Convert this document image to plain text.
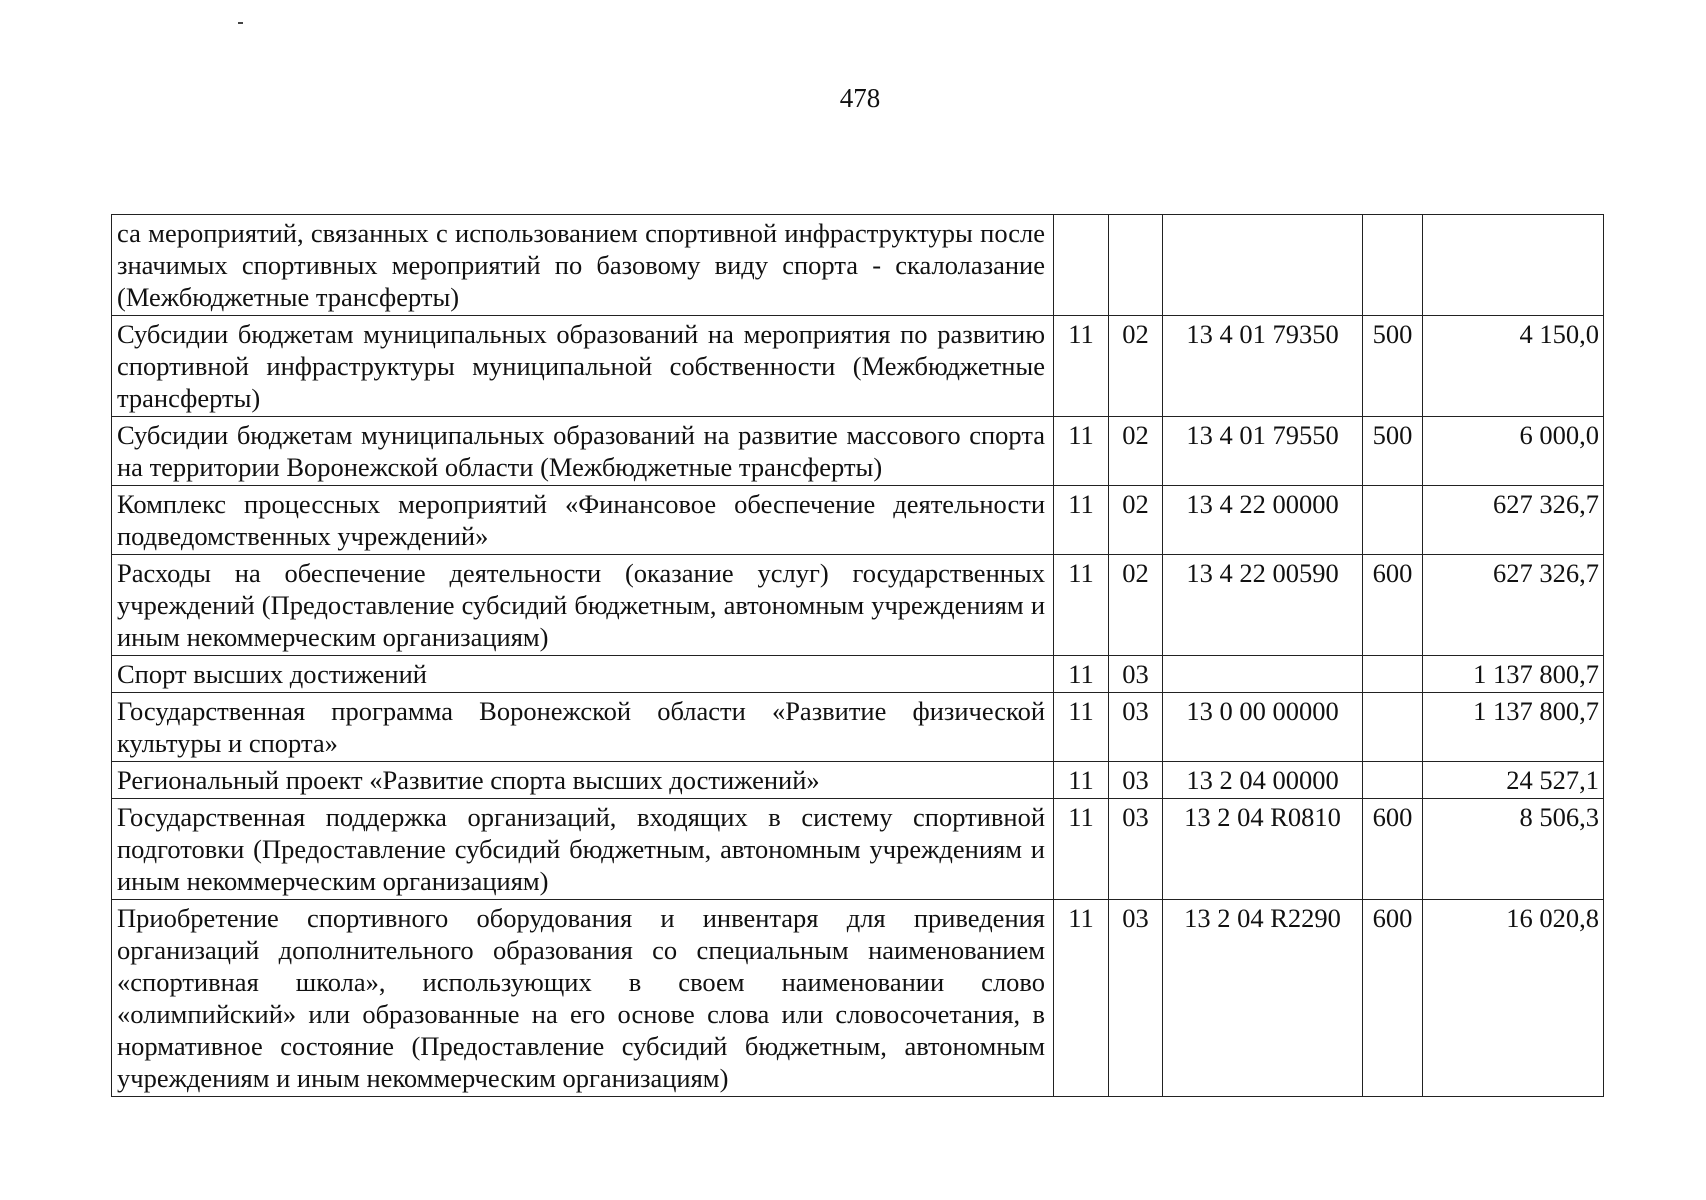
478
са мероприятий, связанных с использованием спортивной инфраструктуры после значимых спортивных мероприятий по базовому виду спорта - скалолазание (Межбюджетные трансферты)					
Субсидии бюджетам муниципальных образований на мероприятия по развитию спортивной инфраструктуры муниципальной собственности (Межбюджетные трансферты)	11	02	13 4 01 79350	500	4 150,0
Субсидии бюджетам муниципальных образований на развитие массового спорта на территории Воронежской области (Межбюджетные трансферты)	11	02	13 4 01 79550	500	6 000,0
Комплекс процессных мероприятий «Финансовое обеспечение деятельности подведомственных учреждений»	11	02	13 4 22 00000		627 326,7
Расходы на обеспечение деятельности (оказание услуг) государственных учреждений (Предоставление субсидий бюджетным, автономным учреждениям и иным некоммерческим организациям)	11	02	13 4 22 00590	600	627 326,7
Спорт высших достижений	11	03			1 137 800,7
Государственная программа Воронежской области «Развитие физической культуры и спорта»	11	03	13 0 00 00000		1 137 800,7
Региональный проект «Развитие спорта высших достижений»	11	03	13 2 04 00000		24 527,1
Государственная поддержка организаций, входящих в систему спортивной подготовки (Предоставление субсидий бюджетным, автономным учреждениям и иным некоммерческим организациям)	11	03	13 2 04 R0810	600	8 506,3
Приобретение спортивного оборудования и инвентаря для приведения организаций дополнительного образования со специальным наименованием «спортивная школа», использующих в своем наименовании слово «олимпийский» или образованные на его основе слова или словосочетания, в нормативное состояние (Предоставление субсидий бюджетным, автономным учреждениям и иным некоммерческим организациям)	11	03	13 2 04 R2290	600	16 020,8
